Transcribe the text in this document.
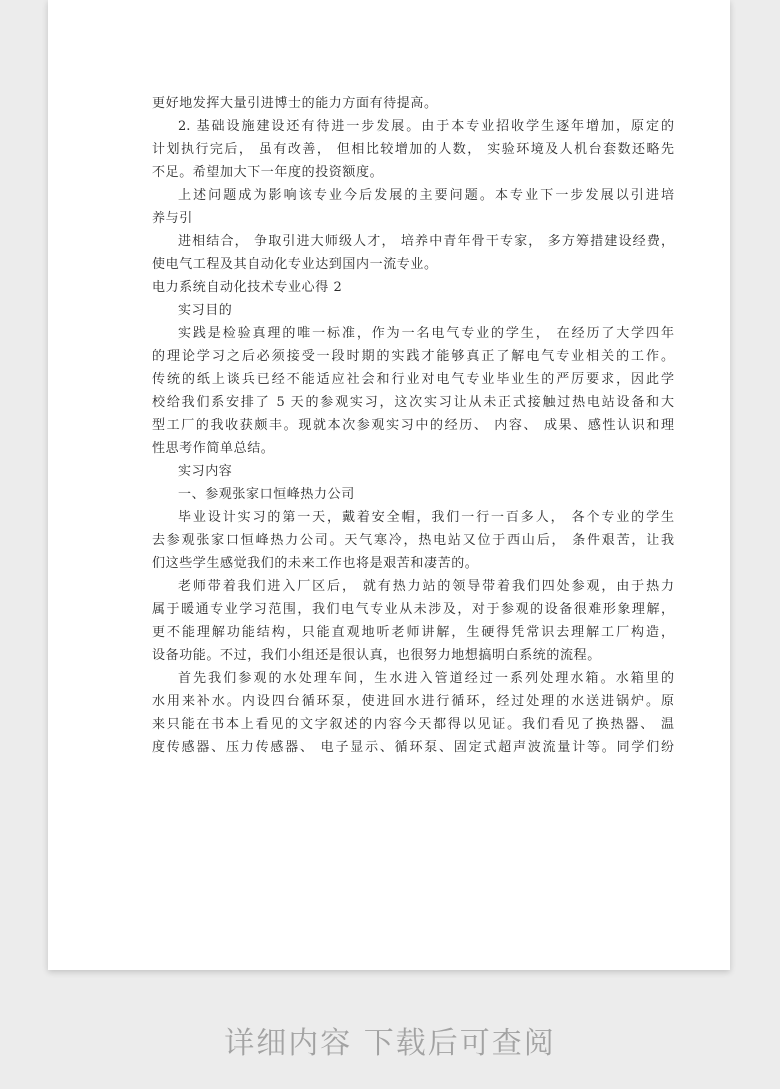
更好地发挥大量引进博士的能力方面有待提高。
2. 基础设施建设还有待进一步发展。由于本专业招收学生逐年增加，原定的
计划执行完后， 虽有改善， 但相比较增加的人数， 实验环境及人机台套数还略先
不足。希望加大下一年度的投资额度。
上述问题成为影响该专业今后发展的主要问题。本专业下一步发展以引进培
养与引
进相结合， 争取引进大师级人才， 培养中青年骨干专家， 多方筹措建设经费，
使电气工程及其自动化专业达到国内一流专业。
电力系统自动化技术专业心得 2
实习目的
实践是检验真理的唯一标准，作为一名电气专业的学生， 在经历了大学四年
的理论学习之后必须接受一段时期的实践才能够真正了解电气专业相关的工作。
传统的纸上谈兵已经不能适应社会和行业对电气专业毕业生的严厉要求，因此学
校给我们系安排了 5 天的参观实习，这次实习让从未正式接触过热电站设备和大
型工厂的我收获颇丰。现就本次参观实习中的经历、 内容、 成果、感性认识和理
性思考作简单总结。
实习内容
一、参观张家口恒峰热力公司
毕业设计实习的第一天，戴着安全帽，我们一行一百多人， 各个专业的学生
去参观张家口恒峰热力公司。天气寒冷，热电站又位于西山后， 条件艰苦，让我
们这些学生感觉我们的未来工作也将是艰苦和凄苦的。
老师带着我们进入厂区后， 就有热力站的领导带着我们四处参观，由于热力
属于暖通专业学习范围，我们电气专业从未涉及，对于参观的设备很难形象理解，
更不能理解功能结构，只能直观地听老师讲解，生硬得凭常识去理解工厂构造，
设备功能。不过，我们小组还是很认真，也很努力地想搞明白系统的流程。
首先我们参观的水处理车间，生水进入管道经过一系列处理水箱。水箱里的
水用来补水。内设四台循环泵，使进回水进行循环，经过处理的水送进锅炉。原
来只能在书本上看见的文字叙述的内容今天都得以见证。我们看见了换热器、 温
度传感器、压力传感器、 电子显示、循环泵、固定式超声波流量计等。同学们纷
详细内容 下载后可查阅
